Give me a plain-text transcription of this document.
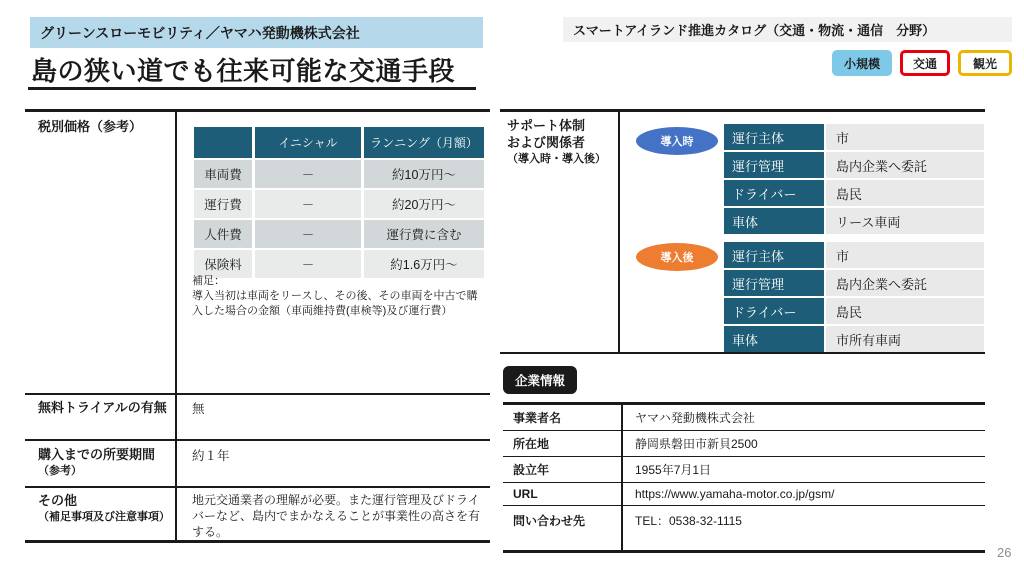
グリーンスローモビリティ／ヤマハ発動機株式会社
島の狭い道でも往来可能な交通手段
スマートアイランド推進カタログ（交通・物流・通信　分野）
小規模	交通	観光
税別価格（参考）
	イニシャル	ランニング（月額）
車両費	－	約10万円～
運行費	－	約20万円～
人件費	－	運行費に含む
保険料	－	約1.6万円～
補足：
導入当初は車両をリースし、その後、その車両を中古で購入した場合の金額（車両維持費(車検等)及び運行費）
無料トライアルの有無 無
購入までの所要期間
（参考）
約１年
その他
（補足事項及び注意事項）
地元交通業者の理解が必要。また運行管理及びドライバーなど、島内でまかなえることが事業性の高さを有する。
サポート体制
および関係者
（導入時・導入後）
導入時	運行主体	市
運行管理	島内企業へ委託
ドライバー	島民
車体	リース車両
導入後	運行主体	市
運行管理	島内企業へ委託
ドライバー	島民
車体	市所有車両
企業情報
事業者名	ヤマハ発動機株式会社
所在地	静岡県磐田市新貝2500
設立年	1955年7月1日
URL	https://www.yamaha-motor.co.jp/gsm/
問い合わせ先	TEL：0538-32-1115
26
